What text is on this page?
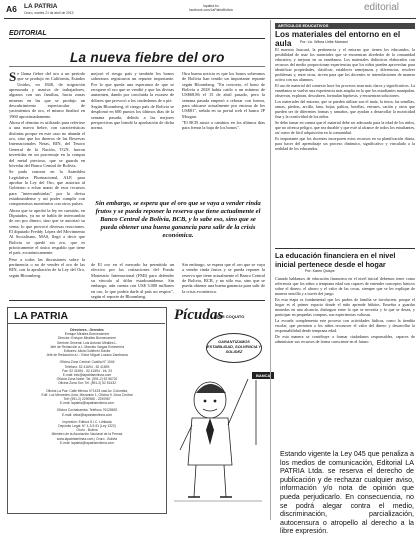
A6 LA PATRIA
Oruro, martes 21 de abril de 2013
lapatria.bo
facebook.com/LaPatriaBolivia	editorial
EDITORIAL
La nueva fiebre del oro

Se llama fiebre del oro a un período que se produjo en California, Estados Unidos, en 1848, de migración apresurada y masiva de trabajadores, algunos con sus familias, hacia zonas mineras en las que se produjo un descubrimiento espectacular de yacimientos de oro, el mismo finalizó en 1960 aproximadamente.

Ahora el término es utilizado para referirse a una nueva fiebre, con características distintas porque en este caso no abunda el oro, sino que los dineros de las Reservas Internacionales Netas, RIN, del Tesoro General de la Nación, TGN, fueron invertidas en un porcentaje en la compra del metal precioso, que se guarda en bóvedas del Banco Central de Bolivia.

Se pudo rastrear en la Asamblea Legislativa Plurinacional, ALP, para aprobar la Ley del Oro, que autoriza al Gobierno a echar mano de esos recursos para "intercambiarlas" por la divisa estadounidense y así poder cumplir con compromisos monetarios con otros países.

Ahora que se aprobó la ley en cuestión, en Diputados, ya no se habla de intercambio de oro por dinero, sino que se autorizó su venta, lo que provocó diversas reacciones. El diputado Freddy López del Movimiento Al Socialismo, MAS, llegó a decir que Bolivia se quedó sin oro, que es prácticamente el único respaldo que tiene el país, económicamente.

Pese a todas las discusiones sobre la pertinencia o no de vender el oro de las RIN, con la aprobación de la Ley del Oro, según Bloomberg.

mejoró el riesgo país y también los bonos soberanos registraron un repunte importante. Por lo que queda una esperanza de que se recupere el oro que se vendió y que las divisas aumenten, dando por concluida la escasez de dólares que provocó a los ciudadanos de a pie.

Según Bloomberg, el riesgo país de Bolivia se desplomó en 600 puntos los últimos días de la semana pasada, debido a las mejores perspectivas que brindó la aprobación de dicha norma.

Otra buena noticia es que los bonos soberanos de Bolivia han tenido un importante repunte según Bloomberg. "En concreto, el bono de Bolivia a 2028 había caído a un mínimo de US$68,86 el 15 de abril pasado, pero la semana pasada empezó a rebotar con fuerza, para ubicarse actualmente por encima de los US$81", señala en su portal web el banco JP Morgan.

"El BCB asiste a cambios en los últimos días para frenar la baja de los bonos".

Sin embargo, se espera que el oro que se vaya a vender rinda frutos y se pueda reponer la reserva que tiene actualmente el Banco Central de Bolivia, BCB, y lo sabe eso, sino que se pueda obtener una buena ganancia para salir de la crisis económica.

de El oro en el mercado ha permitido un efectivo por las cotizaciones del Fondo Monetario Internacional (FMI) para defender su vínculo al dólar estadounidense. Sin embargo, aún cuenta con US$ 3.000 millones en oro, lo que podría darle al país un respiro", según el reporte de Bloomberg.

Sin embargo, se espera que el oro que se vaya a vender rinda frutos y se pueda reponer la reserva que tiene actualmente el Banco Central de Bolivia, BCB, y no sólo eso, sino que se pueda obtener una buena ganancia para salir de la crisis económica.

LA PATRIA
Directores - Gerentes
Enrique Miralles Bonnecarrere
Director: Enrique Miralles Bonnecarrere
Gerente General: Luis Antonio Miralles L.
Jefe de Redacción a.i.: Marcelo Vargas Echeverría
Editores: Alicia Gutiérrez Dávila
Jefe de Redacción a.i.: Víctor Miguel Lozano Zambrana
Oficina Zona Central: Casilla N° 1046
Teléfono: 52 41694 - 52 41893
Fax: 52 41694 - 52 41694 - Int. 23
E-mail: info@lapatriaenlinea.com
Oficina Zona Norte: Tel. (591-2) 52 56702
Oficina Zona Sur: Tel. (591-2) 52 51432
Oficina La Paz: Calle México N°1433 casi Av. Colombia,
Edif. Luz Mercedes Lima, Mezanine 1, Oficina 9, Zona Central
Telf: (591-2) 2290986 - 2290987
E-mail: lapatria@lapatriaenlinea.com
Oficina Cochabamba: Teléfono 76128692
E-mail: cbba@lapatriaenlinea.com
Impresión: Editora S.I.C. Limitada
Depósito Legal: N° 4-3-9-91 (Ley 1322)
Oruro - Bolivia
Miembro de la Asociación Nacional de la Prensa
www.lapatriaenlinea.com | Oruro - Bolivia
E-mail: lapatria@lapatriaenlinea.com
Pícudas
POR COQUITO
GARANTIZAMOS ESTABILIDAD, SOLVENCIA Y SOLIDEZ
BANCA
ARTÍCULOS EDUCATIVOS
Los materiales del entorno en el aula	Por: Lic. Wilma Uribe Mamani

El maestro buscará, la pertinencia y el entorno que tienen los educandos, la posibilidad de usar los materiales que se encuentran alrededor de la comunidad educativa, y mejorar en su enseñanza. Los materiales didácticos elaborados con recursos del medio proporcionan experiencias que los niños pueden aprovechar para identificar propiedades, clasificar, establecer semejanzas y diferencias, resolver problemas y, entre otras, sirven para que los docentes se interrelacionen de manera activa con sus alumnos.

El uso de material del contexto hace los procesos sean más claros y significativos. La enseñanza se vuelve una experiencia más amplia en la que los estudiantes manipulan, observan, exploran, descubren, formulan hipótesis, y encuentran soluciones.

Los materiales del entorno, que se pueden utilizar son el maíz, la tierra, las semillas, ramas, piedras, arcilla, lana, hojas, palitos, botellas, envases, cartón y otros que pueden ser de diferentes formas y tamaños, que ayudan a desarrollar la motricidad fina y la creatividad de los niños.

Se debe tomar en cuenta que el material debe ser adecuado para la edad de los niños, que no ofrezca peligro, que sea durable y que esté al alcance de todos los estudiantes, así como de fácil adquisición en la comunidad.

Es importante que los docentes incorporen estos recursos en su planificación diaria, para hacer del aprendizaje un proceso dinámico, significativo y vinculado a la realidad de los educandos.

La educación financiera en el nivel inicial pertenece desde el hogar
Por: Karen Quispe

Cuando hablamos de educación financiera en el nivel inicial debemos tener como referencia que los niños a temprana edad son capaces de entender conceptos básicos sobre el dinero, el ahorro y el valor de las cosas, siempre que se les explique de manera sencilla y a través del juego.

En esta etapa es fundamental que los padres de familia se involucren, porque el hogar es el primer espacio donde el niño aprende hábitos. Enseñar a guardar monedas en una alcancía, distinguir entre lo que se necesita y lo que se desea, y participar en pequeñas compras, son experiencias valiosas.

La escuela complementa este proceso con actividades lúdicas, como la tiendita escolar, que permiten a los niños reconocer el valor del dinero y desarrollar la responsabilidad desde temprana edad.

De esta manera se contribuye a formar ciudadanos responsables, capaces de administrar sus recursos de forma consciente en el futuro.

Estando vigente la Ley 045 que penaliza a los medios de comunicación, Editorial LA PATRIA Ltda. se reserva el derecho de publicación y de rechazar cualquier aviso, información y/o nota de opinión que pueda perjudicarlo. En consecuencia, no se podrá alegar contra el medio, discriminación, parcialización, autocensura o atropello al derecho a la libre expresión.
